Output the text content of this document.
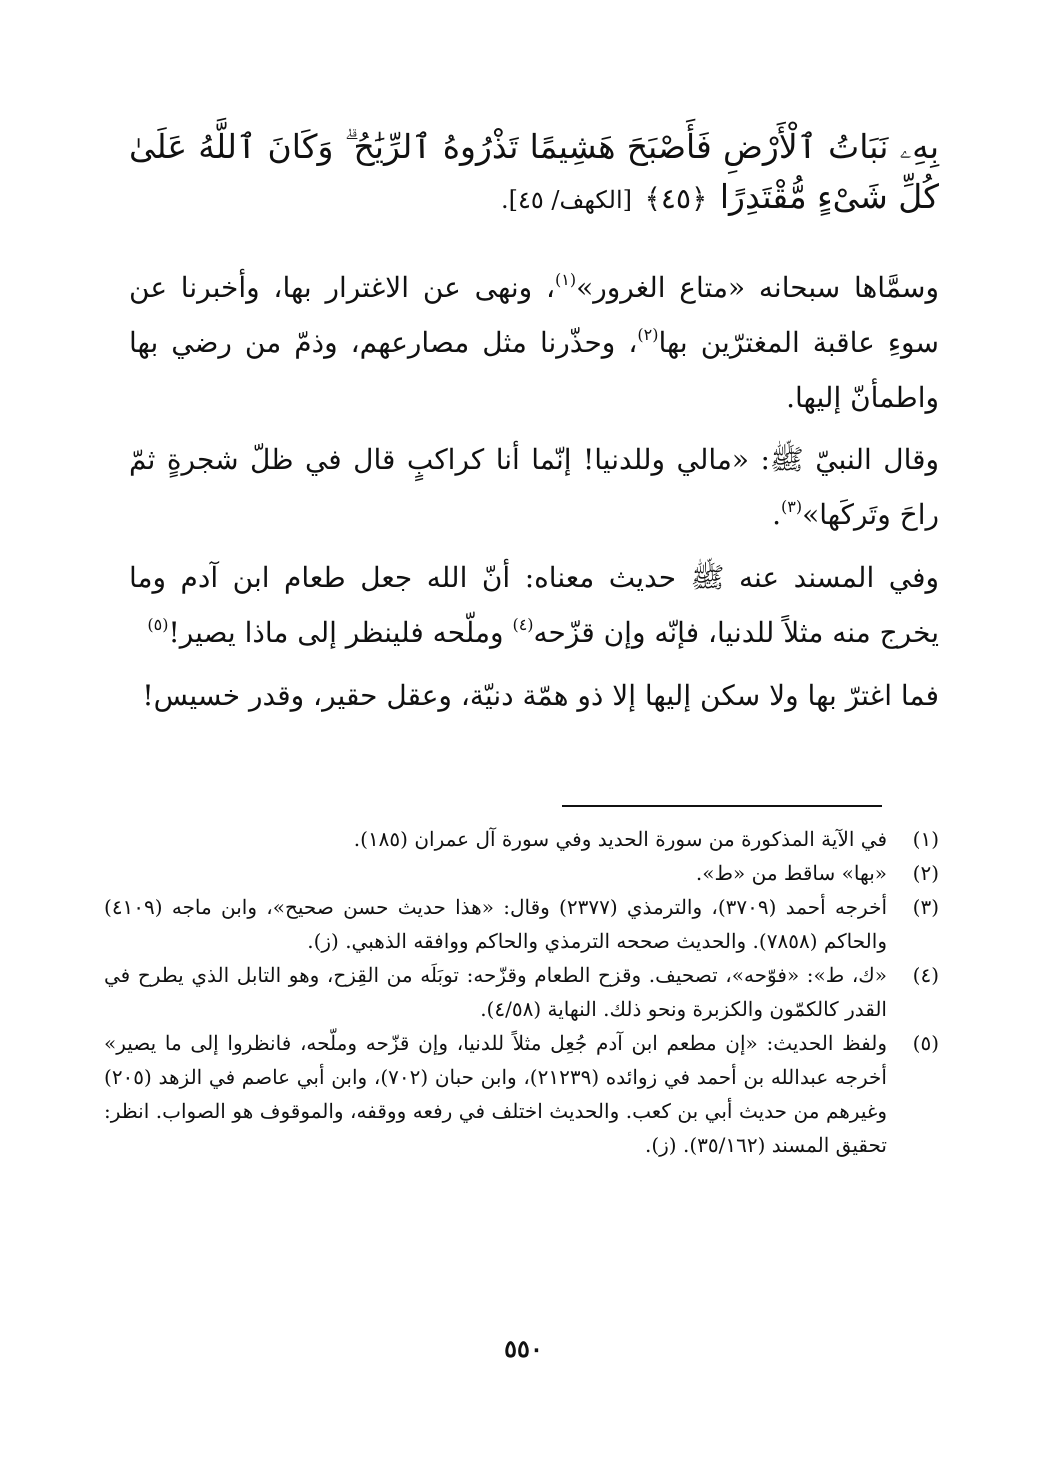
بِهِۦ نَبَاتُ ٱلْأَرْضِ فَأَصْبَحَ هَشِيمًا تَذْرُوهُ ٱلرِّيَٰحُ ۗ وَكَانَ ٱللَّهُ عَلَىٰ كُلِّ شَىْءٍ مُّقْتَدِرًا ﴿٤٥﴾ [الكهف/ ٤٥].
وسمَّاها سبحانه «متاع الغرور»$^{(١)}$، ونهى عن الاغترار بها، وأخبرنا عن سوءِ عاقبة المغترّين بها$^{(٢)}$، وحذّرنا مثل مصارعهم، وذمّ من رضي بها واطمأنّ إليها.
وقال النبيّ ﷺ: «مالي وللدنيا! إنّما أنا كراكبٍ قال في ظلّ شجرةٍ ثمّ راحَ وتَركَها»$^{(٣)}$.
وفي المسند عنه ﷺ حديث معناه: أنّ الله جعل طعام ابن آدم وما يخرج منه مثلاً للدنيا، فإنّه وإن قزّحه$^{(٤)}$ وملّحه فلينظر إلى ماذا يصير!$^{(٥)}$
فما اغترّ بها ولا سكن إليها إلا ذو همّة دنيّة، وعقل حقير، وقدر خسيس!
(١)
في الآية المذكورة من سورة الحديد وفي سورة آل عمران (١٨٥).
(٢)
«بها» ساقط من «ط».
(٣)
أخرجه أحمد (٣٧٠٩)، والترمذي (٢٣٧٧) وقال: «هذا حديث حسن صحيح»، وابن ماجه (٤١٠٩) والحاكم (٧٨٥٨). والحديث صححه الترمذي والحاكم ووافقه الذهبي. (ز).
(٤)
«ك، ط»: «فوّحه»، تصحيف. وقزح الطعام وقزّحه: توبَلَه من القِزح، وهو التابل الذي يطرح في القدر كالكمّون والكزبرة ونحو ذلك. النهاية (٤/٥٨).
(٥)
ولفظ الحديث: «إن مطعم ابن آدم جُعِل مثلاً للدنيا، وإن قزّحه وملّحه، فانظروا إلى ما يصير» أخرجه عبدالله بن أحمد في زوائده (٢١٢٣٩)، وابن حبان (٧٠٢)، وابن أبي عاصم في الزهد (٢٠٥) وغيرهم من حديث أبي بن كعب. والحديث اختلف في رفعه ووقفه، والموقوف هو الصواب. انظر: تحقيق المسند (٣٥/١٦٢). (ز).
٥٥٠
